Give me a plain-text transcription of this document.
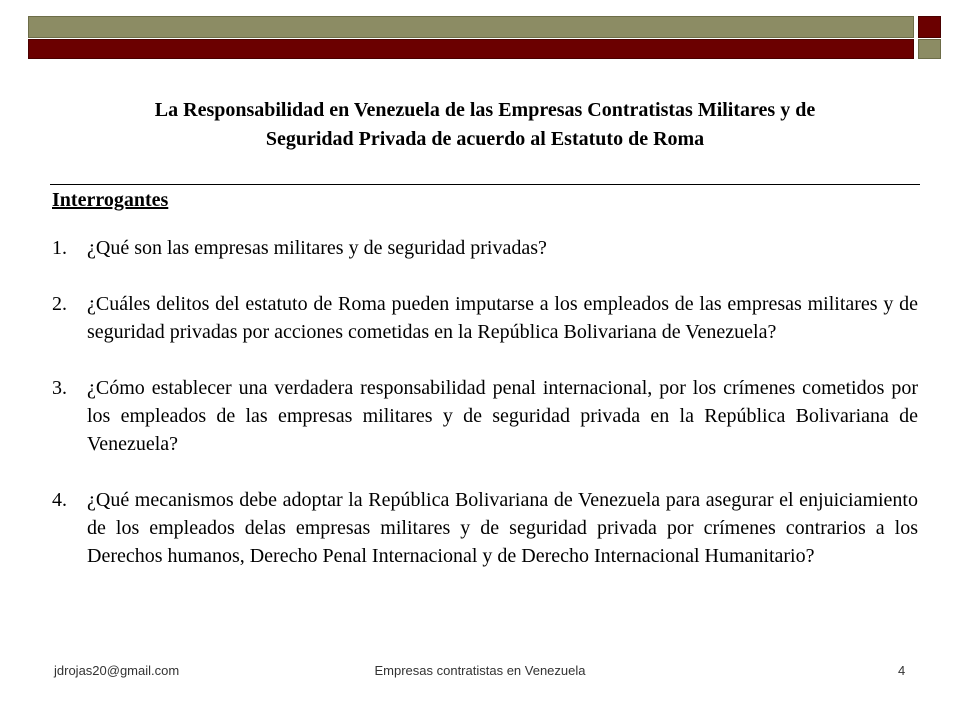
La Responsabilidad en Venezuela de las Empresas Contratistas Militares y de
Seguridad Privada de acuerdo al Estatuto de Roma
Interrogantes
1.	¿Qué son las empresas militares y de seguridad privadas?
2.	¿Cuáles delitos del estatuto de Roma pueden imputarse a los empleados de las empresas militares y de seguridad privadas por acciones cometidas en la República Bolivariana de Venezuela?
3.	¿Cómo establecer una verdadera responsabilidad penal internacional, por los crímenes cometidos por los empleados de las empresas militares y de seguridad privada en la República Bolivariana de Venezuela?
4.	¿Qué mecanismos debe adoptar la República Bolivariana de Venezuela para asegurar el enjuiciamiento de los empleados delas empresas militares y de seguridad privada por crímenes contrarios a los Derechos humanos, Derecho Penal Internacional y de Derecho Internacional Humanitario?
jdrojas20@gmail.com	Empresas contratistas en Venezuela	4
